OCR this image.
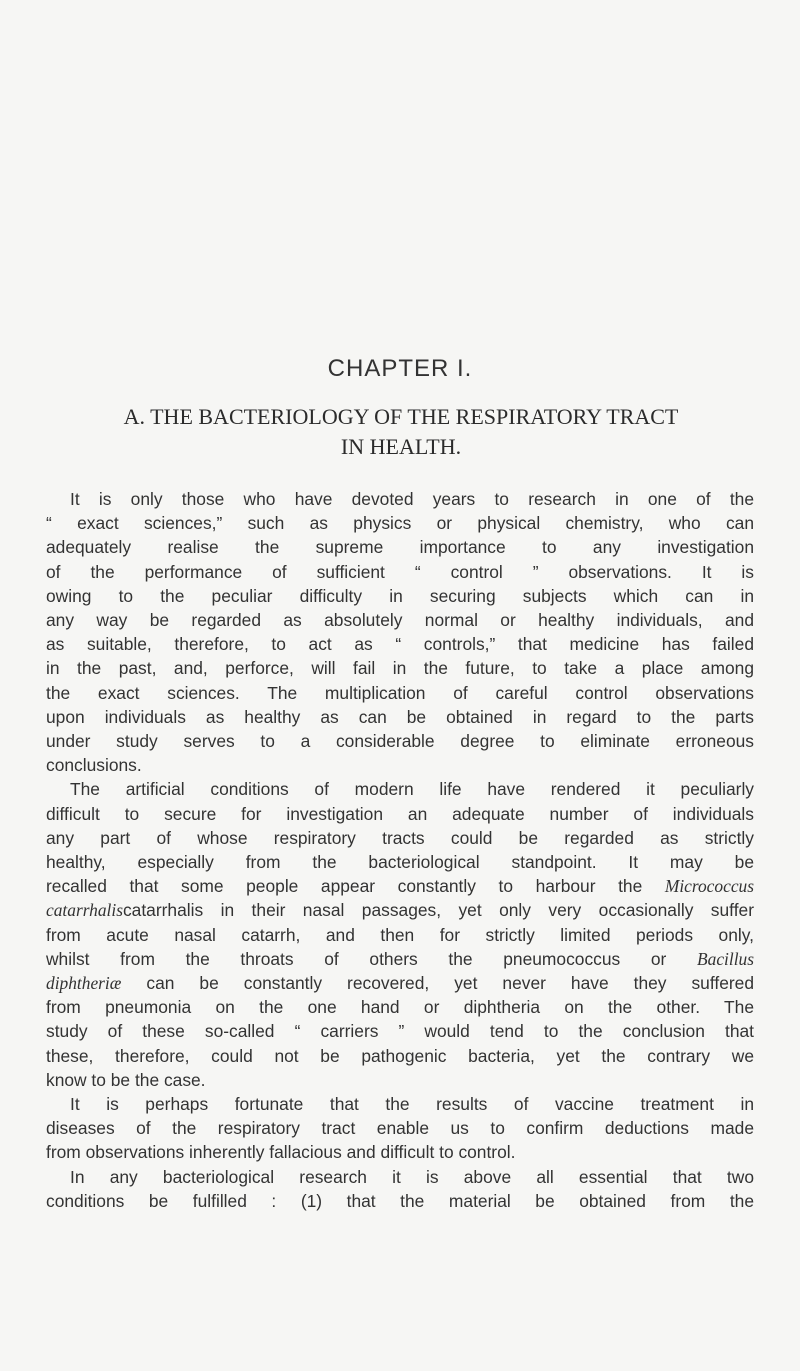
CHAPTER I.
A. THE BACTERIOLOGY OF THE RESPIRATORY TRACT
IN HEALTH.
It is only those who have devoted years to research in one of the
“ exact sciences,” such as physics or physical chemistry, who can
adequately realise the supreme importance to any investigation
of the performance of sufficient “ control ” observations. It is
owing to the peculiar difficulty in securing subjects which can in
any way be regarded as absolutely normal or healthy individuals, and
as suitable, therefore, to act as “ controls,” that medicine has failed
in the past, and, perforce, will fail in the future, to take a place among
the exact sciences. The multiplication of careful control observations
upon individuals as healthy as can be obtained in regard to the parts
under study serves to a considerable degree to eliminate erroneous
conclusions.
The artificial conditions of modern life have rendered it peculiarly
difficult to secure for investigation an adequate number of individuals
any part of whose respiratory tracts could be regarded as strictly
healthy, especially from the bacteriological standpoint. It may be
recalled that some people appear constantly to harbour the Micrococcus
catarrhaliscatarrhalis in their nasal passages, yet only very occasionally suffer
from acute nasal catarrh, and then for strictly limited periods only,
whilst from the throats of others the pneumococcus or Bacillus
diphtheriæ can be constantly recovered, yet never have they suffered
from pneumonia on the one hand or diphtheria on the other. The
study of these so-called “ carriers ” would tend to the conclusion that
these, therefore, could not be pathogenic bacteria, yet the contrary we
know to be the case.
It is perhaps fortunate that the results of vaccine treatment in
diseases of the respiratory tract enable us to confirm deductions made
from observations inherently fallacious and difficult to control.
In any bacteriological research it is above all essential that two
conditions be fulfilled : (1) that the material be obtained from the
